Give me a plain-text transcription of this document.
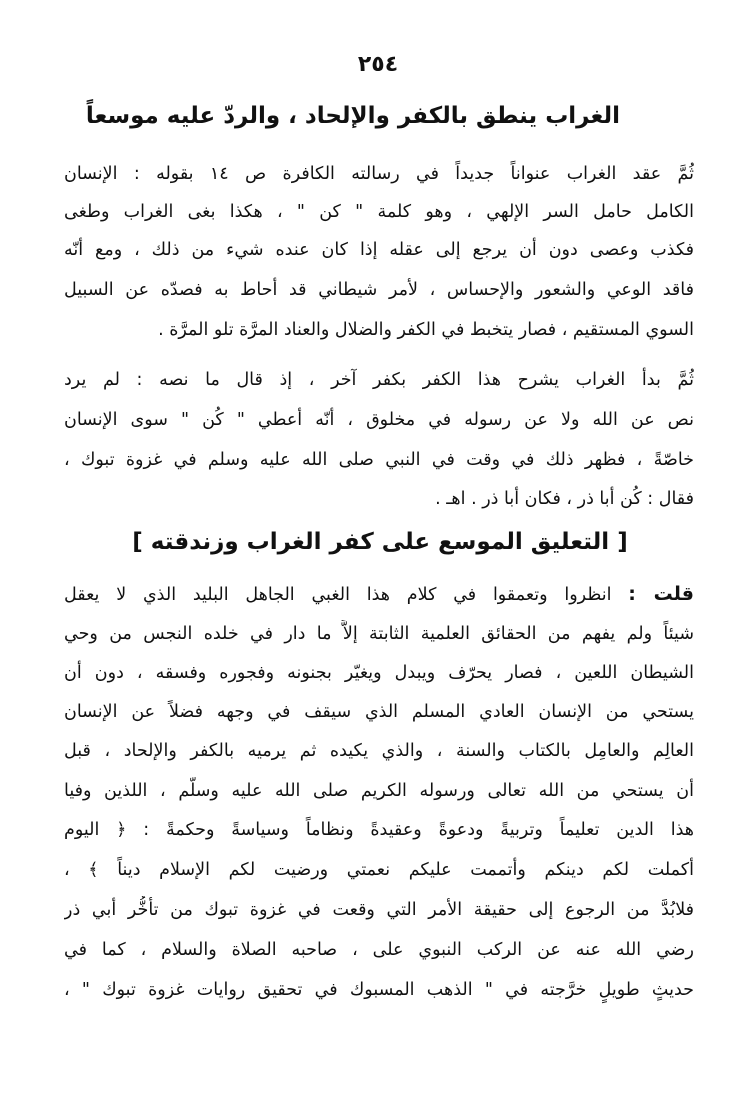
٢٥٤
الغراب ينطق بالكفر والإلحاد ، والردّ عليه موسعاً
ثُمَّ عقد الغراب عنواناً جديداً في رسالته الكافرة ص ١٤ بقوله : الإنسان
الكامل حامل السر الإلهي ، وهو كلمة " كن " ، هكذا بغى الغراب وطغى
فكذب وعصى دون أن يرجع إلى عقله إذا كان عنده شيء من ذلك ، ومع أنّه
فاقد الوعي والشعور والإحساس ، لأمر شيطاني قد أحاط به فصدّه عن السبيل
السوي المستقيم ، فصار يتخبط في الكفر والضلال والعناد المرَّة تلو المرَّة .
ثُمَّ بدأ الغراب يشرح هذا الكفر بكفر آخر ، إذ قال ما نصه : لم يرد
نص عن الله ولا عن رسوله في مخلوق ، أنّه أعطي " كُن " سوى الإنسان
خاصّةً ، فظهر ذلك في وقت في النبي صلى الله عليه وسلم في غزوة تبوك ،
فقال : كُن أبا ذر ، فكان أبا ذر . اهـ .
[ التعليق الموسع على كفر الغراب وزندقته ]
قلت : انظروا وتعمقوا في كلام هذا الغبي الجاهل البليد الذي لا يعقل
شيئاً ولم يفهم من الحقائق العلمية الثابتة إلاَّ ما دار في خلده النجس من وحي
الشيطان اللعين ، فصار يحرّف ويبدل ويغيّر بجنونه وفجوره وفسقه ، دون أن
يستحي من الإنسان العادي المسلم الذي سيقف في وجهه فضلاً عن الإنسان
العالِم والعامِل بالكتاب والسنة ، والذي يكيده ثم يرميه بالكفر والإلحاد ، قبل
أن يستحي من الله تعالى ورسوله الكريم صلى الله عليه وسلّم ، اللذين وفيا
هذا الدين تعليماً وتربيةً ودعوةً وعقيدةً ونظاماً وسياسةً وحكمةً : ﴿ اليوم
أكملت لكم دينكم وأتممت عليكم نعمتي ورضيت لكم الإسلام ديناً ﴾ ،
فلابُدَّ من الرجوع إلى حقيقة الأمر التي وقعت في غزوة تبوك من تأخُّر أبي ذر
رضي الله عنه عن الركب النبوي على ، صاحبه الصلاة والسلام ، كما في
حديثٍ طويلٍ خرَّجته في " الذهب المسبوك في تحقيق روايات غزوة تبوك " ،
